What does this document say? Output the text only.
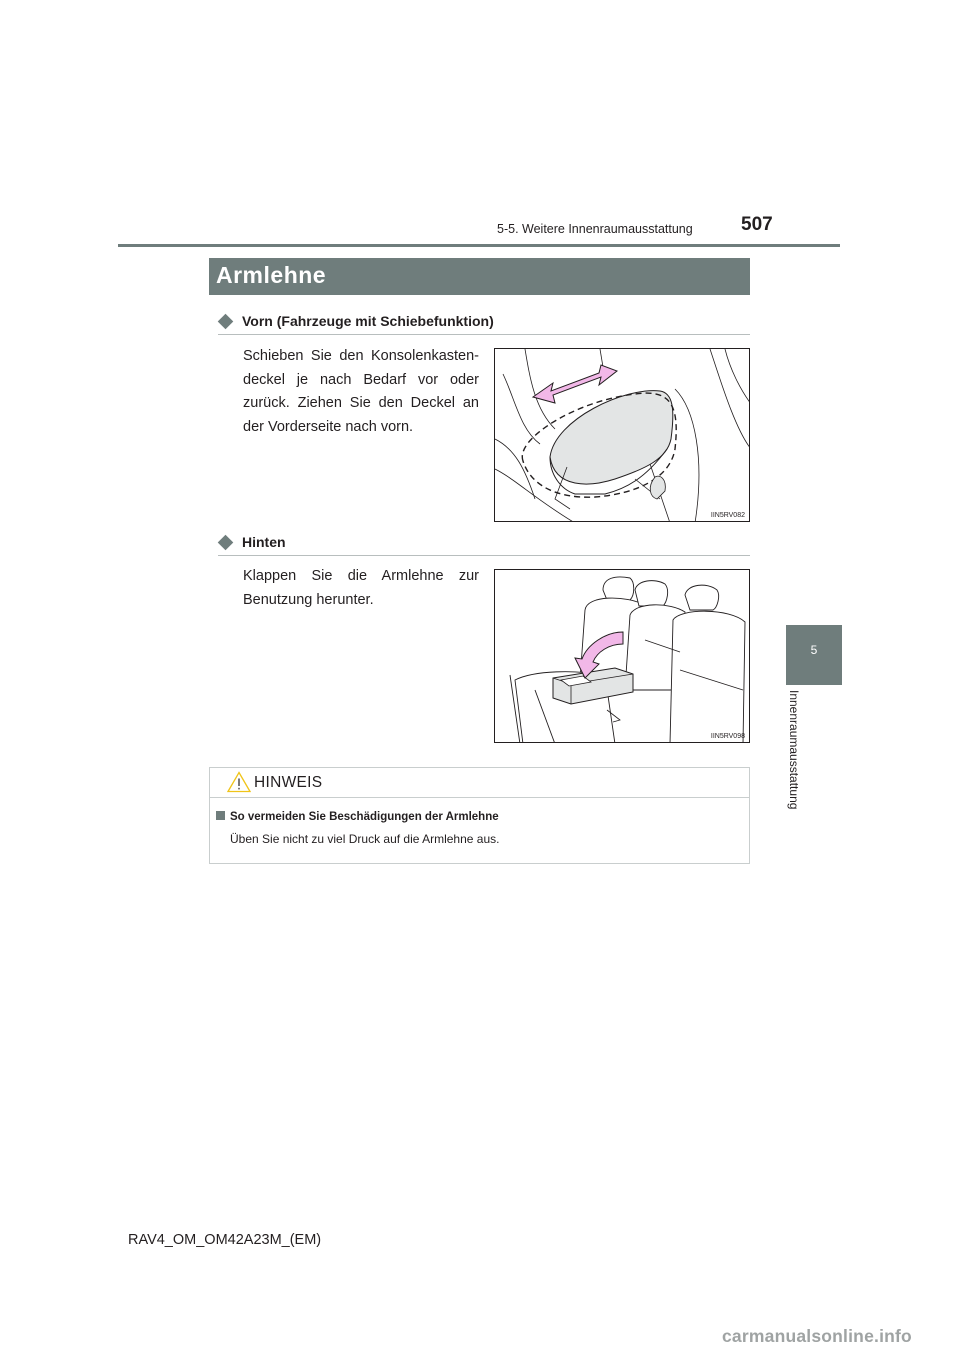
5-5. Weitere Innenraumausstattung	507
5
Innenraumausstattung
Armlehne
Vorn (Fahrzeuge mit Schiebefunktion)
Schieben Sie den Konsolenkasten-deckel je nach Bedarf vor oder zurück. Ziehen Sie den Deckel an der Vorderseite nach vorn.
IIN5RV082
Hinten
Klappen Sie die Armlehne zur Benutzung herunter.
IIN5RV098
HINWEIS
So vermeiden Sie Beschädigungen der Armlehne
Üben Sie nicht zu viel Druck auf die Armlehne aus.
RAV4_OM_OM42A23M_(EM)
carmanualsonline.info
